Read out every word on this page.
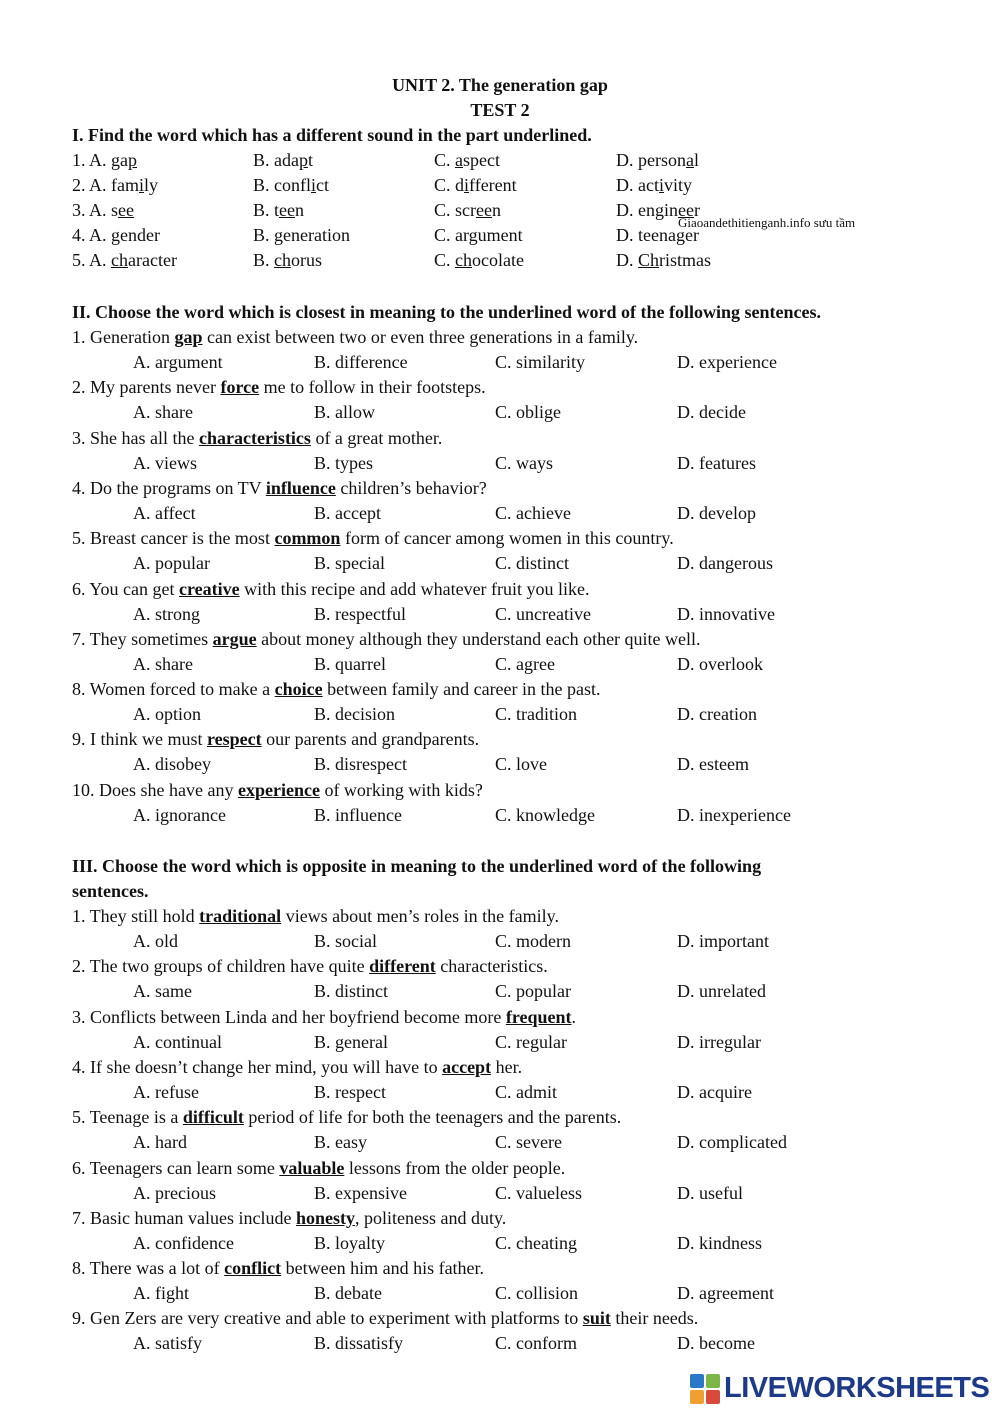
UNIT 2. The generation gap
TEST 2
I. Find the word which has a different sound in the part underlined.
1. A. gap	B. adapt	C. aspect	D. personal
2. A. family	B. conflict	C. different	D. activity
3. A. see	B. teen	C. screen	D. engineer
4. A. gender	B. generation	C. argument	D. teenager
5. A. character	B. chorus	C. chocolate	D. Christmas
Giaoandethitienganh.info sưu tầm
II. Choose the word which is closest in meaning to the underlined word of the following sentences.
1. Generation gap can exist between two or even three generations in a family.
A. argument	B. difference	C. similarity	D. experience
2. My parents never force me to follow in their footsteps.
A. share	B. allow	C. oblige	D. decide
3. She has all the characteristics of a great mother.
A. views	B. types	C. ways	D. features
4. Do the programs on TV influence children’s behavior?
A. affect	B. accept	C. achieve	D. develop
5. Breast cancer is the most common form of cancer among women in this country.
A. popular	B. special	C. distinct	D. dangerous
6. You can get creative with this recipe and add whatever fruit you like.
A. strong	B. respectful	C. uncreative	D. innovative
7. They sometimes argue about money although they understand each other quite well.
A. share	B. quarrel	C. agree	D. overlook
8. Women forced to make a choice between family and career in the past.
A. option	B. decision	C. tradition	D. creation
9. I think we must respect our parents and grandparents.
A. disobey	B. disrespect	C. love	D. esteem
10. Does she have any experience of working with kids?
A. ignorance	B. influence	C. knowledge	D. inexperience
III. Choose the word which is opposite in meaning to the underlined word of the following
sentences.
1. They still hold traditional views about men’s roles in the family.
A. old	B. social	C. modern	D. important
2. The two groups of children have quite different characteristics.
A. same	B. distinct	C. popular	D. unrelated
3. Conflicts between Linda and her boyfriend become more frequent.
A. continual	B. general	C. regular	D. irregular
4. If she doesn’t change her mind, you will have to accept her.
A. refuse	B. respect	C. admit	D. acquire
5. Teenage is a difficult period of life for both the teenagers and the parents.
A. hard	B. easy	C. severe	D. complicated
6. Teenagers can learn some valuable lessons from the older people.
A. precious	B. expensive	C. valueless	D. useful
7. Basic human values include honesty, politeness and duty.
A. confidence	B. loyalty	C. cheating	D. kindness
8. There was a lot of conflict between him and his father.
A. fight	B. debate	C. collision	D. agreement
9. Gen Zers are very creative and able to experiment with platforms to suit their needs.
A. satisfy	B. dissatisfy	C. conform	D. become
LIVEWORKSHEETS
